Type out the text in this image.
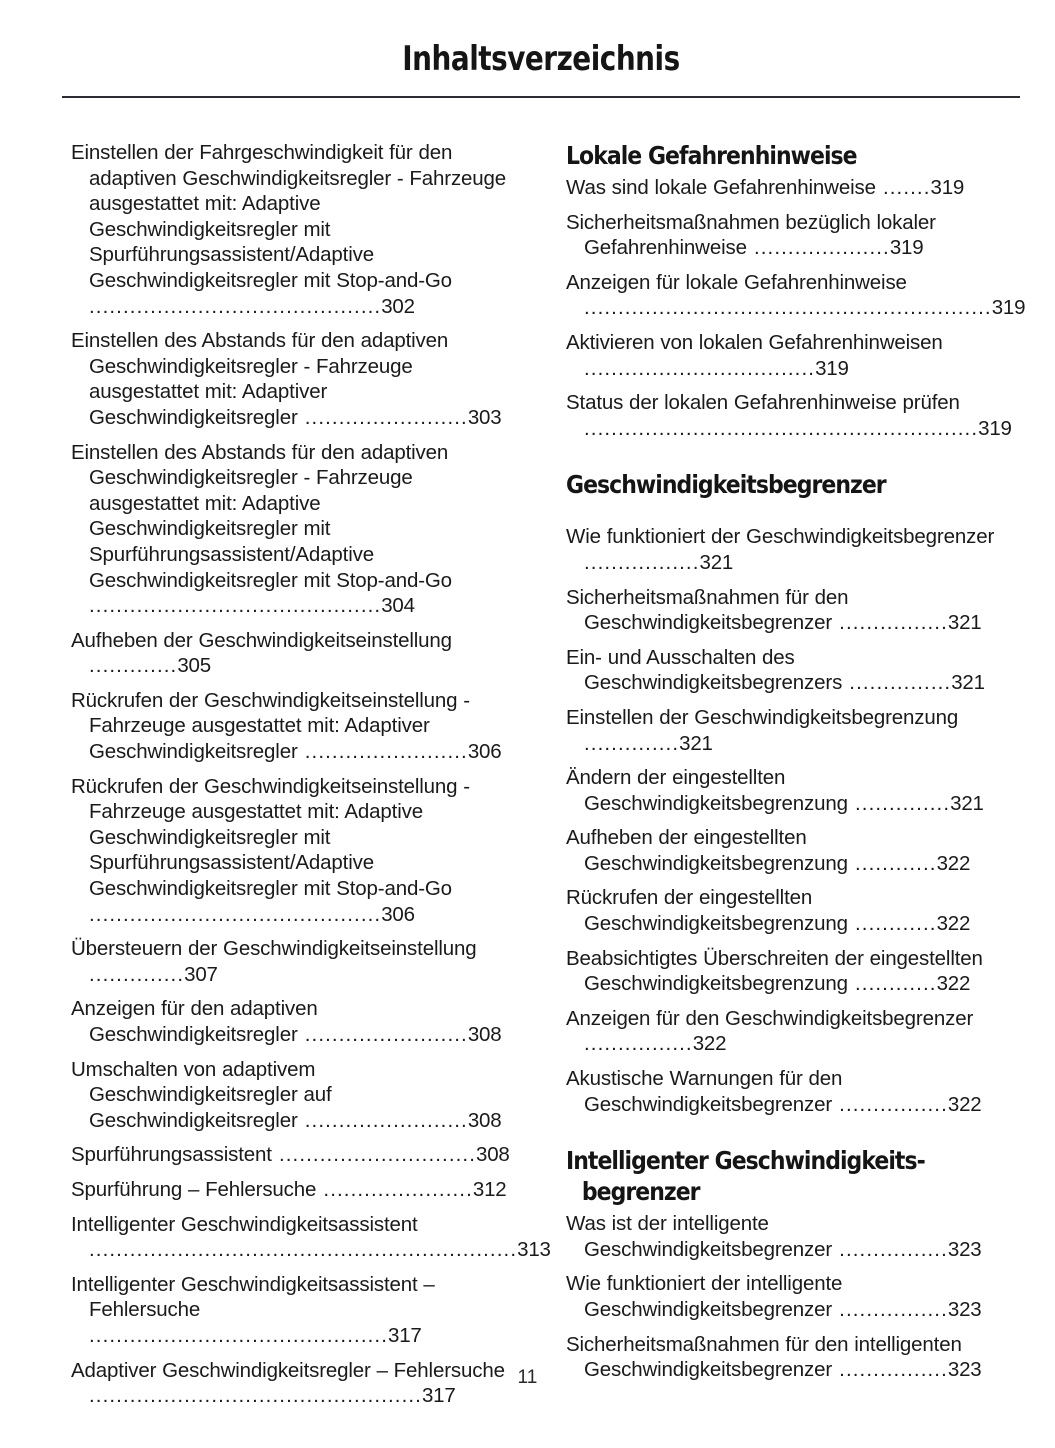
Inhaltsverzeichnis
Einstellen der Fahrgeschwindigkeit für den adaptiven Geschwindigkeitsregler - Fahrzeuge ausgestattet mit: Adaptive Geschwindigkeitsregler mit Spurführungsassistent/Adaptive Geschwindigkeitsregler mit Stop-and-Go ...........................................302
Einstellen des Abstands für den adaptiven Geschwindigkeitsregler - Fahrzeuge ausgestattet mit: Adaptiver Geschwindigkeitsregler ........................303
Einstellen des Abstands für den adaptiven Geschwindigkeitsregler - Fahrzeuge ausgestattet mit: Adaptive Geschwindigkeitsregler mit Spurführungsassistent/Adaptive Geschwindigkeitsregler mit Stop-and-Go ...........................................304
Aufheben der Geschwindigkeitseinstellung .............305
Rückrufen der Geschwindigkeitseinstellung - Fahrzeuge ausgestattet mit: Adaptiver Geschwindigkeitsregler ........................306
Rückrufen der Geschwindigkeitseinstellung - Fahrzeuge ausgestattet mit: Adaptive Geschwindigkeitsregler mit Spurführungsassistent/Adaptive Geschwindigkeitsregler mit Stop-and-Go ...........................................306
Übersteuern der Geschwindigkeitseinstellung ..............307
Anzeigen für den adaptiven Geschwindigkeitsregler ........................308
Umschalten von adaptivem Geschwindigkeitsregler auf Geschwindigkeitsregler ........................308
Spurführungsassistent .............................308
Spurführung – Fehlersuche ......................312
Intelligenter Geschwindigkeitsassistent ...............................................................313
Intelligenter Geschwindigkeitsassistent – Fehlersuche ............................................317
Adaptiver Geschwindigkeitsregler – Fehlersuche .................................................317
Lokale Gefahrenhinweise
Was sind lokale Gefahrenhinweise .......319
Sicherheitsmaßnahmen bezüglich lokaler Gefahrenhinweise ....................319
Anzeigen für lokale Gefahrenhinweise ............................................................319
Aktivieren von lokalen Gefahrenhinweisen ..................................319
Status der lokalen Gefahrenhinweise prüfen ..........................................................319
Geschwindigkeitsbegrenzer
Wie funktioniert der Geschwindigkeitsbegrenzer .................321
Sicherheitsmaßnahmen für den Geschwindigkeitsbegrenzer ................321
Ein- und Ausschalten des Geschwindigkeitsbegrenzers ...............321
Einstellen der Geschwindigkeitsbegrenzung ..............321
Ändern der eingestellten Geschwindigkeitsbegrenzung ..............321
Aufheben der eingestellten Geschwindigkeitsbegrenzung ............322
Rückrufen der eingestellten Geschwindigkeitsbegrenzung ............322
Beabsichtigtes Überschreiten der eingestellten Geschwindigkeitsbegrenzung ............322
Anzeigen für den Geschwindigkeitsbegrenzer ................322
Akustische Warnungen für den Geschwindigkeitsbegrenzer ................322
Intelligenter Geschwindigkeits-begrenzer
Was ist der intelligente Geschwindigkeitsbegrenzer ................323
Wie funktioniert der intelligente Geschwindigkeitsbegrenzer ................323
Sicherheitsmaßnahmen für den intelligenten Geschwindigkeitsbegrenzer ................323
11
